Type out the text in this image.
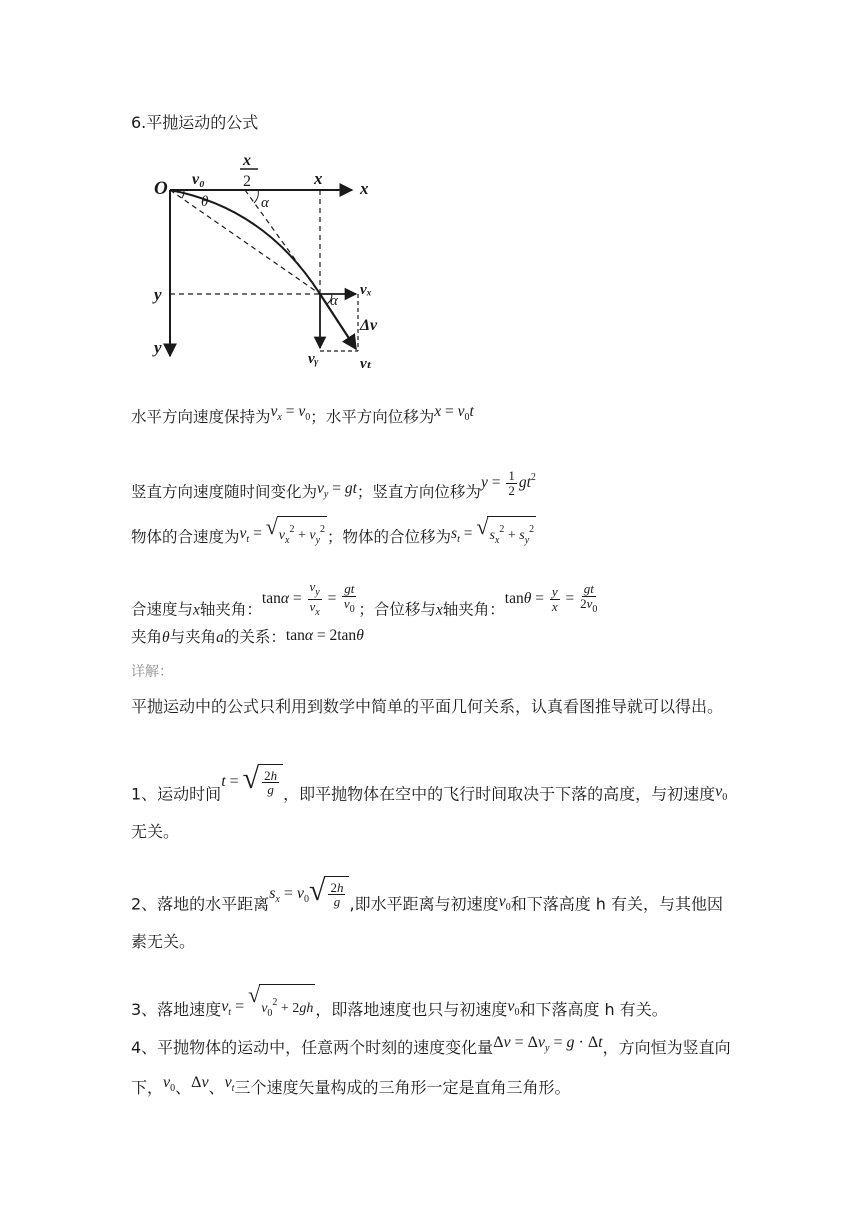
6.平抛运动的公式
O v₀
x
2	x
x
θ	α
α
y
y
vₓ
Δv
vᵧ	vₜ
水平方向速度保持为$v_x = v_0$；水平方向位移为$x = v_0t$
竖直方向速度随时间变化为$v_y$ = gt；竖直方向位移为$y = \frac{1}{2} gt^2$
物体的合速度为$v_t$ = √ $v_x^2 + v_y^2$ ；物体的合位移为$s_t$ = √ $s_x^2 + s_y^2$
合速度与x轴夹角：$\tan\alpha = \frac{v_y}{v_x} = \frac{gt}{v_0}$ ；合位移与x轴夹角：$\tan\theta = \frac{y}{x} = \frac{gt}{2v_0}$
夹角θ与夹角a的关系：tanα = 2tanθ
详解：
平抛运动中的公式只利用到数学中简单的平面几何关系，认真看图推导就可以得出。
1、运动时间t = √ $\frac{2h}{g}$ ，即平抛物体在空中的飞行时间取决于下落的高度，与初速度$v_0$无关。
2、落地的水平距离$s_x = v_0$ √ $\frac{2h}{g}$ ,即水平距离与初速度$v_0$和下落高度 h 有关，与其他因素无关。
3、落地速度$v_t$ = √
$v_0^2 + 2gh$ ，即落地速度也只与初速度$v_0$和下落高度 h 有关。
4、平抛物体的运动中，任意两个时刻的速度变化量$\Delta v = \Delta v_y = g \cdot \Delta t$，方向恒为竖直向下，$v_0$、Δv、$v_t$三个速度矢量构成的三角形一定是直角三角形。
